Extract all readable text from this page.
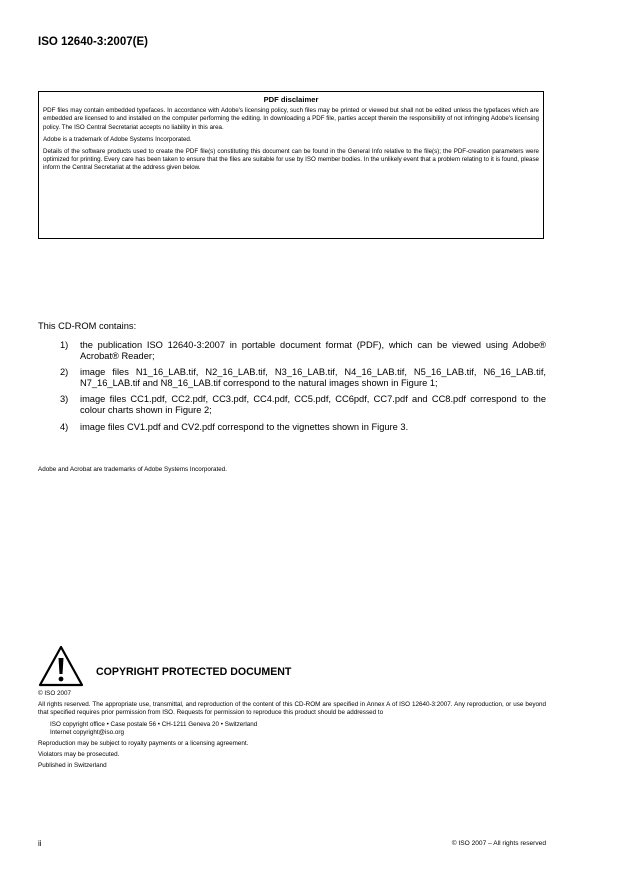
ISO 12640-3:2007(E)
PDF disclaimer

PDF files may contain embedded typefaces. In accordance with Adobe's licensing policy, such files may be printed or viewed but shall not be edited unless the typefaces which are embedded are licensed to and installed on the computer performing the editing. In downloading a PDF file, parties accept therein the responsibility of not infringing Adobe's licensing policy. The ISO Central Secretariat accepts no liability in this area.

Adobe is a trademark of Adobe Systems Incorporated.

Details of the software products used to create the PDF file(s) constituting this document can be found in the General Info relative to the file(s); the PDF-creation parameters were optimized for printing. Every care has been taken to ensure that the files are suitable for use by ISO member bodies. In the unlikely event that a problem relating to it is found, please inform the Central Secretariat at the address given below.

This CD-ROM contains:
1) the publication ISO 12640-3:2007 in portable document format (PDF), which can be viewed using Adobe® Acrobat® Reader;
2) image files N1_16_LAB.tif, N2_16_LAB.tif, N3_16_LAB.tif, N4_16_LAB.tif, N5_16_LAB.tif, N6_16_LAB.tif, N7_16_LAB.tif and N8_16_LAB.tif correspond to the natural images shown in Figure 1;
3) image files CC1.pdf, CC2.pdf, CC3.pdf, CC4.pdf, CC5.pdf, CC6pdf, CC7.pdf and CC8.pdf correspond to the colour charts shown in Figure 2;
4) image files CV1.pdf and CV2.pdf correspond to the vignettes shown in Figure 3.
Adobe and Acrobat are trademarks of Adobe Systems Incorporated.
COPYRIGHT PROTECTED DOCUMENT

© ISO 2007

All rights reserved. The appropriate use, transmittal, and reproduction of the content of this CD-ROM are specified in Annex A of ISO 12640-3:2007. Any reproduction, or use beyond that specified requires prior permission from ISO. Requests for permission to reproduce this product should be addressed to

ISO copyright office • Case postale 56 • CH-1211 Geneva 20 • Switzerland
Internet copyright@iso.org

Reproduction may be subject to royalty payments or a licensing agreement.

Violators may be prosecuted.

Published in Switzerland

ii	© ISO 2007 – All rights reserved
